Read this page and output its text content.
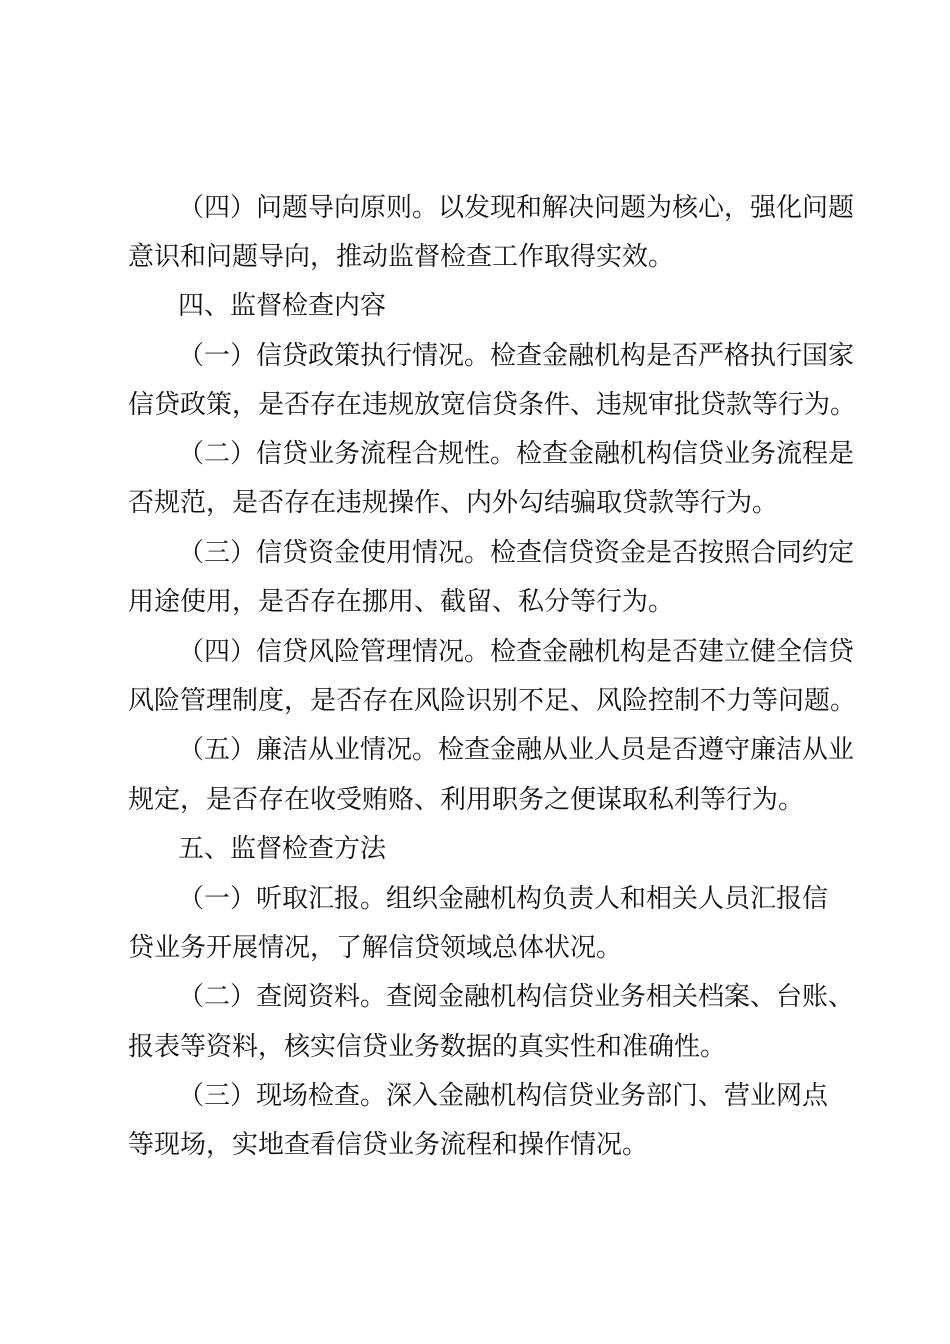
（四）问题导向原则。以发现和解决问题为核心，强化问题
意识和问题导向，推动监督检查工作取得实效。
四、监督检查内容
（一）信贷政策执行情况。检查金融机构是否严格执行国家
信贷政策，是否存在违规放宽信贷条件、违规审批贷款等行为。
（二）信贷业务流程合规性。检查金融机构信贷业务流程是
否规范，是否存在违规操作、内外勾结骗取贷款等行为。
（三）信贷资金使用情况。检查信贷资金是否按照合同约定
用途使用，是否存在挪用、截留、私分等行为。
（四）信贷风险管理情况。检查金融机构是否建立健全信贷
风险管理制度，是否存在风险识别不足、风险控制不力等问题。
（五）廉洁从业情况。检查金融从业人员是否遵守廉洁从业
规定，是否存在收受贿赂、利用职务之便谋取私利等行为。
五、监督检查方法
（一）听取汇报。组织金融机构负责人和相关人员汇报信
贷业务开展情况，了解信贷领域总体状况。
（二）查阅资料。查阅金融机构信贷业务相关档案、台账、
报表等资料，核实信贷业务数据的真实性和准确性。
（三）现场检查。深入金融机构信贷业务部门、营业网点
等现场，实地查看信贷业务流程和操作情况。
